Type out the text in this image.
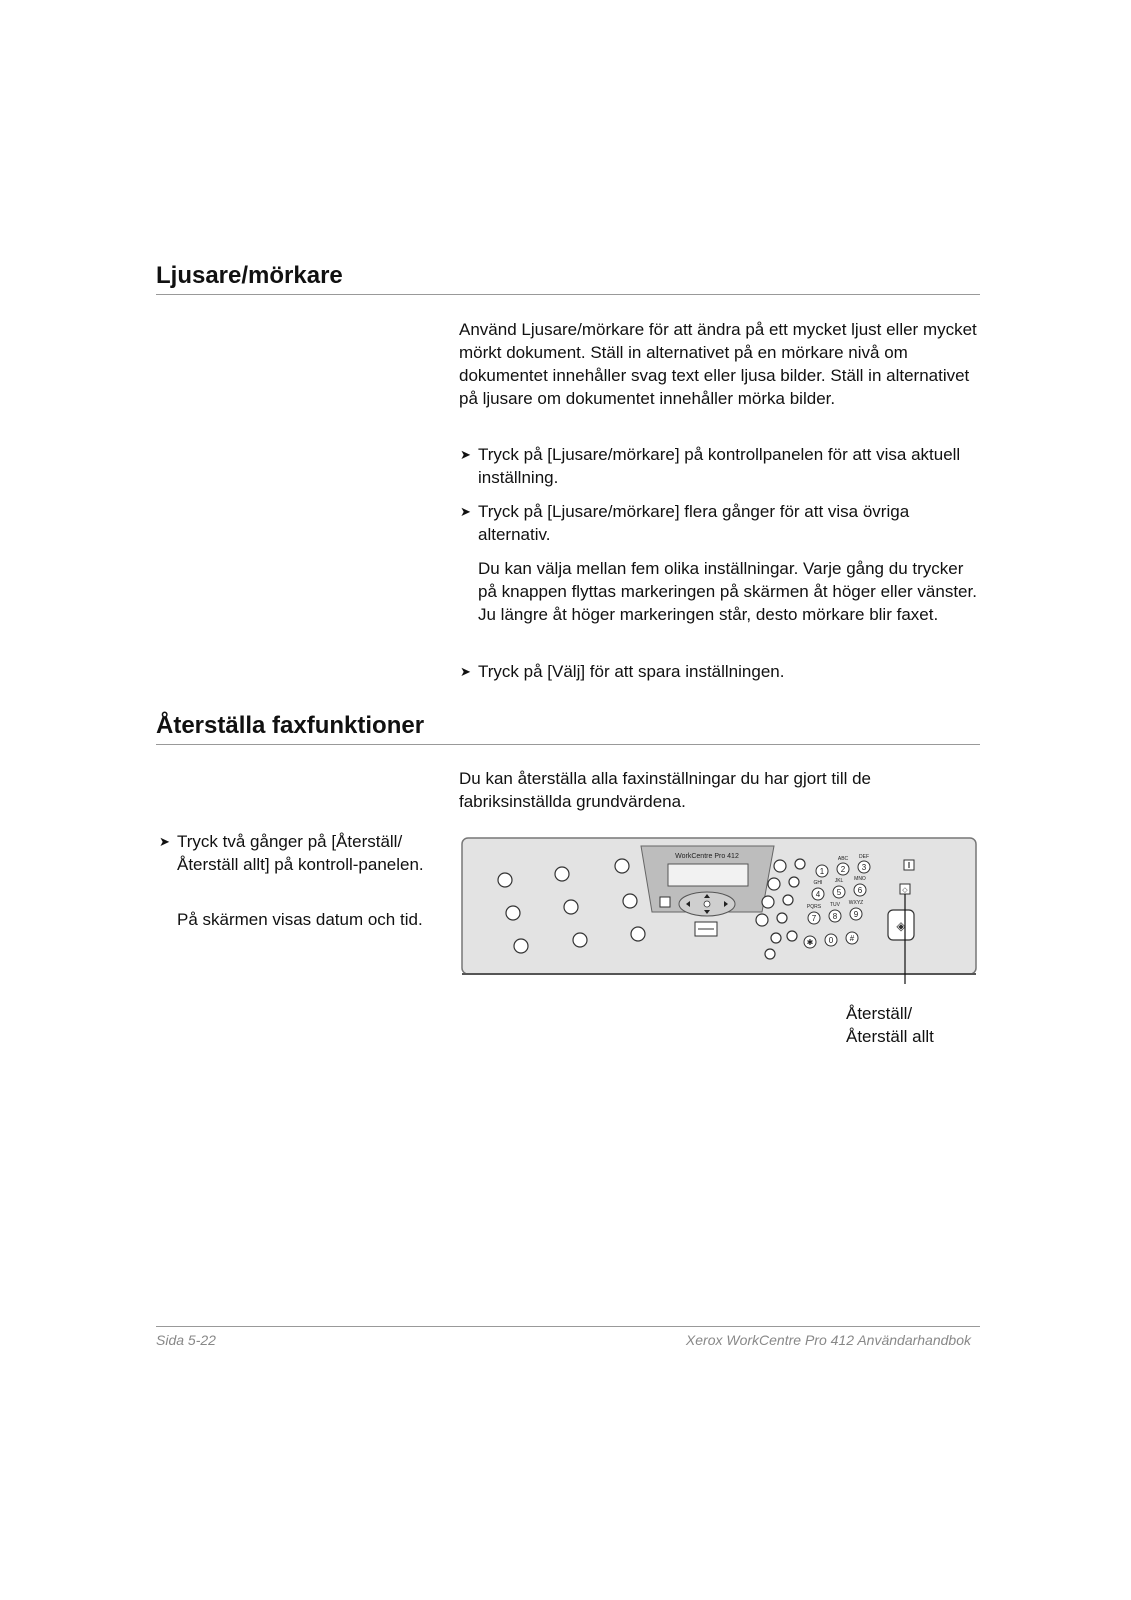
Ljusare/mörkare

Använd Ljusare/mörkare för att ändra på ett mycket ljust eller mycket mörkt dokument. Ställ in alternativet på en mörkare nivå om dokumentet innehåller svag text eller ljusa bilder. Ställ in alternativet på ljusare om dokumentet innehåller mörka bilder.

➤ Tryck på [Ljusare/mörkare] på kontrollpanelen för att visa aktuell inställning.

➤ Tryck på [Ljusare/mörkare] flera gånger för att visa övriga alternativ.

Du kan välja mellan fem olika inställningar. Varje gång du trycker på knappen flyttas markeringen på skärmen åt höger eller vänster. Ju längre åt höger markeringen står, desto mörkare blir faxet.

➤ Tryck på [Välj] för att spara inställningen.

Återställa faxfunktioner

Du kan återställa alla faxinställningar du har gjort till de fabriksinställda grundvärdena.

➤ Tryck två gånger på [Återställ/ Återställ allt] på kontroll-panelen.

På skärmen visas datum och tid.

WorkCentre Pro 412
1
ABC
2
DEF
3
GHI
4
JKL
5
MNO
6
PQRS
7
TUV
8
WXYZ
9
✱ 0 #
◇
◈
Återställ/
Återställ allt
Sida 5-22	Xerox WorkCentre Pro 412 Användarhandbok
